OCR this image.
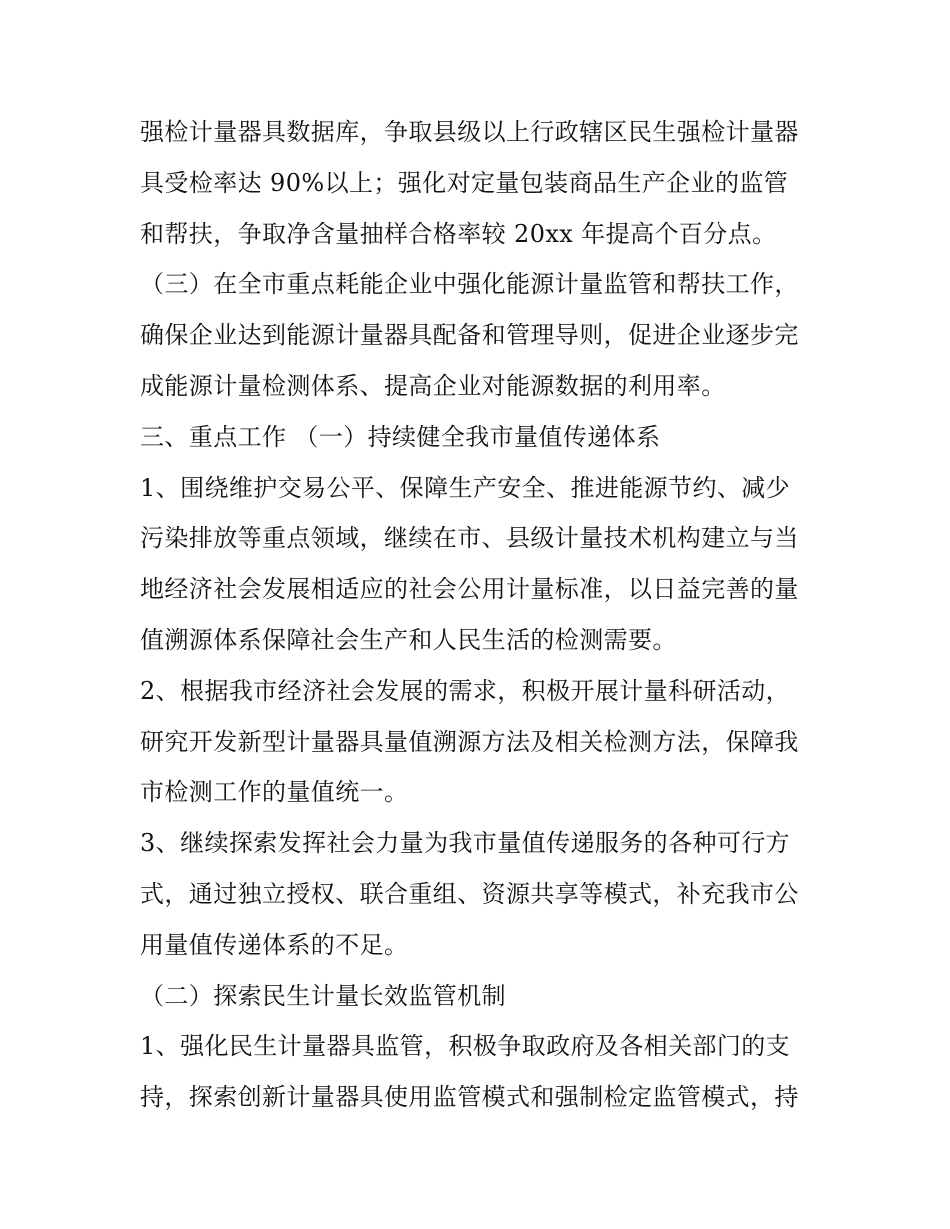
强检计量器具数据库，争取县级以上行政辖区民生强检计量器
具受检率达 90%以上；强化对定量包装商品生产企业的监管
和帮扶，争取净含量抽样合格率较 20xx 年提高个百分点。
（三）在全市重点耗能企业中强化能源计量监管和帮扶工作，
确保企业达到能源计量器具配备和管理导则，促进企业逐步完
成能源计量检测体系、提高企业对能源数据的利用率。
三、重点工作 （一）持续健全我市量值传递体系
1、围绕维护交易公平、保障生产安全、推进能源节约、减少
污染排放等重点领域，继续在市、县级计量技术机构建立与当
地经济社会发展相适应的社会公用计量标准，以日益完善的量
值溯源体系保障社会生产和人民生活的检测需要。
2、根据我市经济社会发展的需求，积极开展计量科研活动，
研究开发新型计量器具量值溯源方法及相关检测方法，保障我
市检测工作的量值统一。
3、继续探索发挥社会力量为我市量值传递服务的各种可行方
式，通过独立授权、联合重组、资源共享等模式，补充我市公
用量值传递体系的不足。
（二）探索民生计量长效监管机制
1、强化民生计量器具监管，积极争取政府及各相关部门的支
持，探索创新计量器具使用监管模式和强制检定监管模式，持
